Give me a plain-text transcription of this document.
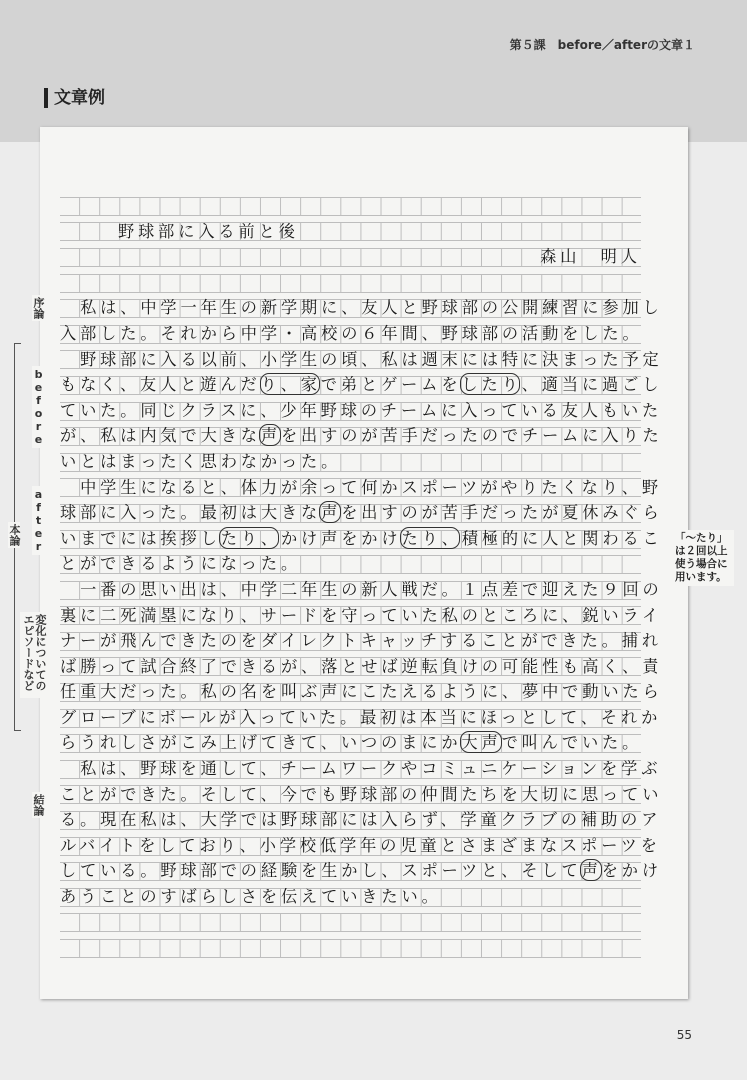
第５課　before／afterの文章１
文章例
野球部に入る前と後
森山　明人
　私は、中学一年生の新学期に、友人と野球部の公開練習に参加し
入部した。それから中学・高校の６年間、野球部の活動をした。
　野球部に入る以前、小学生の頃、私は週末には特に決まった予定
もなく、友人と遊んだり、家で弟とゲームをしたり、適当に過ごし
ていた。同じクラスに、少年野球のチームに入っている友人もいた
が、私は内気で大きな声を出すのが苦手だったのでチームに入りた
いとはまったく思わなかった。
　中学生になると、体力が余って何かスポーツがやりたくなり、野
球部に入った。最初は大きな声を出すのが苦手だったが夏休みぐら
いまでには挨拶したり、かけ声をかけたり、積極的に人と関わるこ
とができるようになった。
　一番の思い出は、中学二年生の新人戦だ。１点差で迎えた９回の
裏に二死満塁になり、サードを守っていた私のところに、鋭いライ
ナーが飛んできたのをダイレクトキャッチすることができた。捕れ
ば勝って試合終了できるが、落とせば逆転負けの可能性も高く、責
任重大だった。私の名を叫ぶ声にこたえるように、夢中で動いたら
グローブにボールが入っていた。最初は本当にほっとして、それか
らうれしさがこみ上げてきて、いつのまにか大声で叫んでいた。
　私は、野球を通して、チームワークやコミュニケーションを学ぶ
ことができた。そして、今でも野球部の仲間たちを大切に思ってい
る。現在私は、大学では野球部には入らず、学童クラブの補助のア
ルバイトをしており、小学校低学年の児童とさまざまなスポーツを
している。野球部での経験を生かし、スポーツと、そして声をかけ
あうことのすばらしさを伝えていきたい。
序論
before
after
本論
変化についてのエピソードなど
結論
「〜たり」は２回以上使う場合に用います。
55
